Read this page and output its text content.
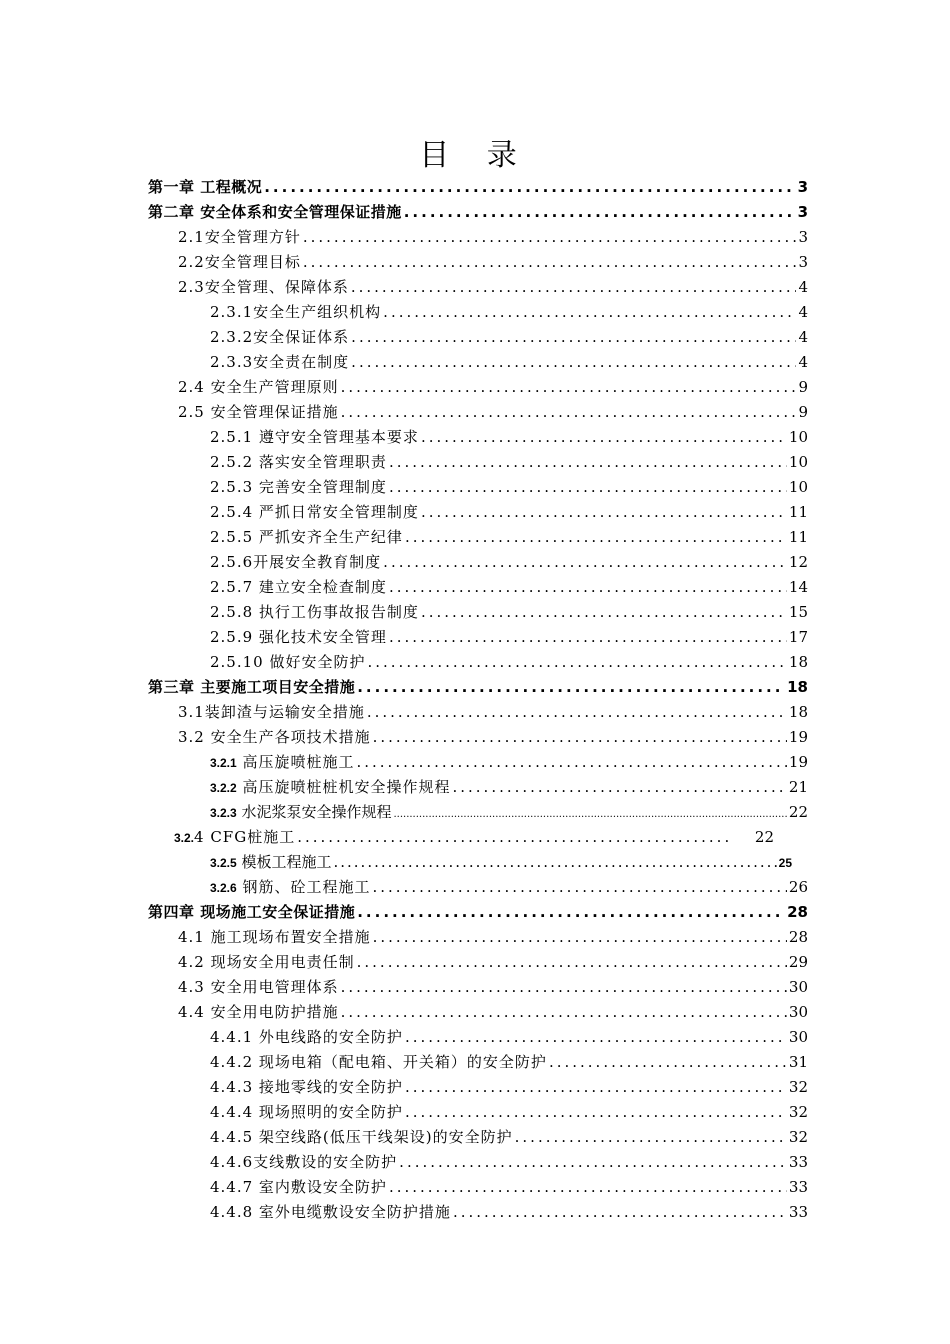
目 录
第一章 工程概况 .....	3
第二章 安全体系和安全管理保证措施 .....	3
2.1安全管理方针 .....	3
2.2安全管理目标 .....	3
2.3安全管理、保障体系 .....	4
2.3.1安全生产组织机构 .....	4
2.3.2安全保证体系 .....	4
2.3.3安全责在制度 .....	4
2.4 安全生产管理原则 .....	9
2.5 安全管理保证措施 .....	9
2.5.1 遵守安全管理基本要求 .....	10
2.5.2 落实安全管理职责 .....	10
2.5.3 完善安全管理制度 .....	10
2.5.4 严抓日常安全管理制度 .....	11
2.5.5 严抓安齐全生产纪律 .....	11
2.5.6开展安全教育制度 .....	12
2.5.7 建立安全检查制度 .....	14
2.5.8 执行工伤事故报告制度 .....	15
2.5.9 强化技术安全管理 .....	17
2.5.10 做好安全防护 .....	18
第三章 主要施工项目安全措施 .....	18
3.1装卸渣与运输安全措施 .....	18
3.2 安全生产各项技术措施 .....	19
3.2.1 高压旋喷桩施工 .....	19
3.2.2 高压旋喷桩桩机安全操作规程 .....	21
3.2.3 水泥浆泵安全操作规程 .....	22
3.2.4 CFG桩施工 .....	22
3.2.5 模板工程施工 .....	25
3.2.6 钢筋、砼工程施工 .....	26
第四章 现场施工安全保证措施 .....	28
4.1 施工现场布置安全措施 .....	28
4.2 现场安全用电责任制 .....	29
4.3 安全用电管理体系 .....	30
4.4 安全用电防护措施 .....	30
4.4.1 外电线路的安全防护 .....	30
4.4.2 现场电箱（配电箱、开关箱）的安全防护 .....	31
4.4.3 接地零线的安全防护 .....	32
4.4.4 现场照明的安全防护 .....	32
4.4.5 架空线路(低压干线架设)的安全防护 .....	32
4.4.6支线敷设的安全防护 .....	33
4.4.7 室内敷设安全防护 .....	33
4.4.8 室外电缆敷设安全防护措施 .....	33
